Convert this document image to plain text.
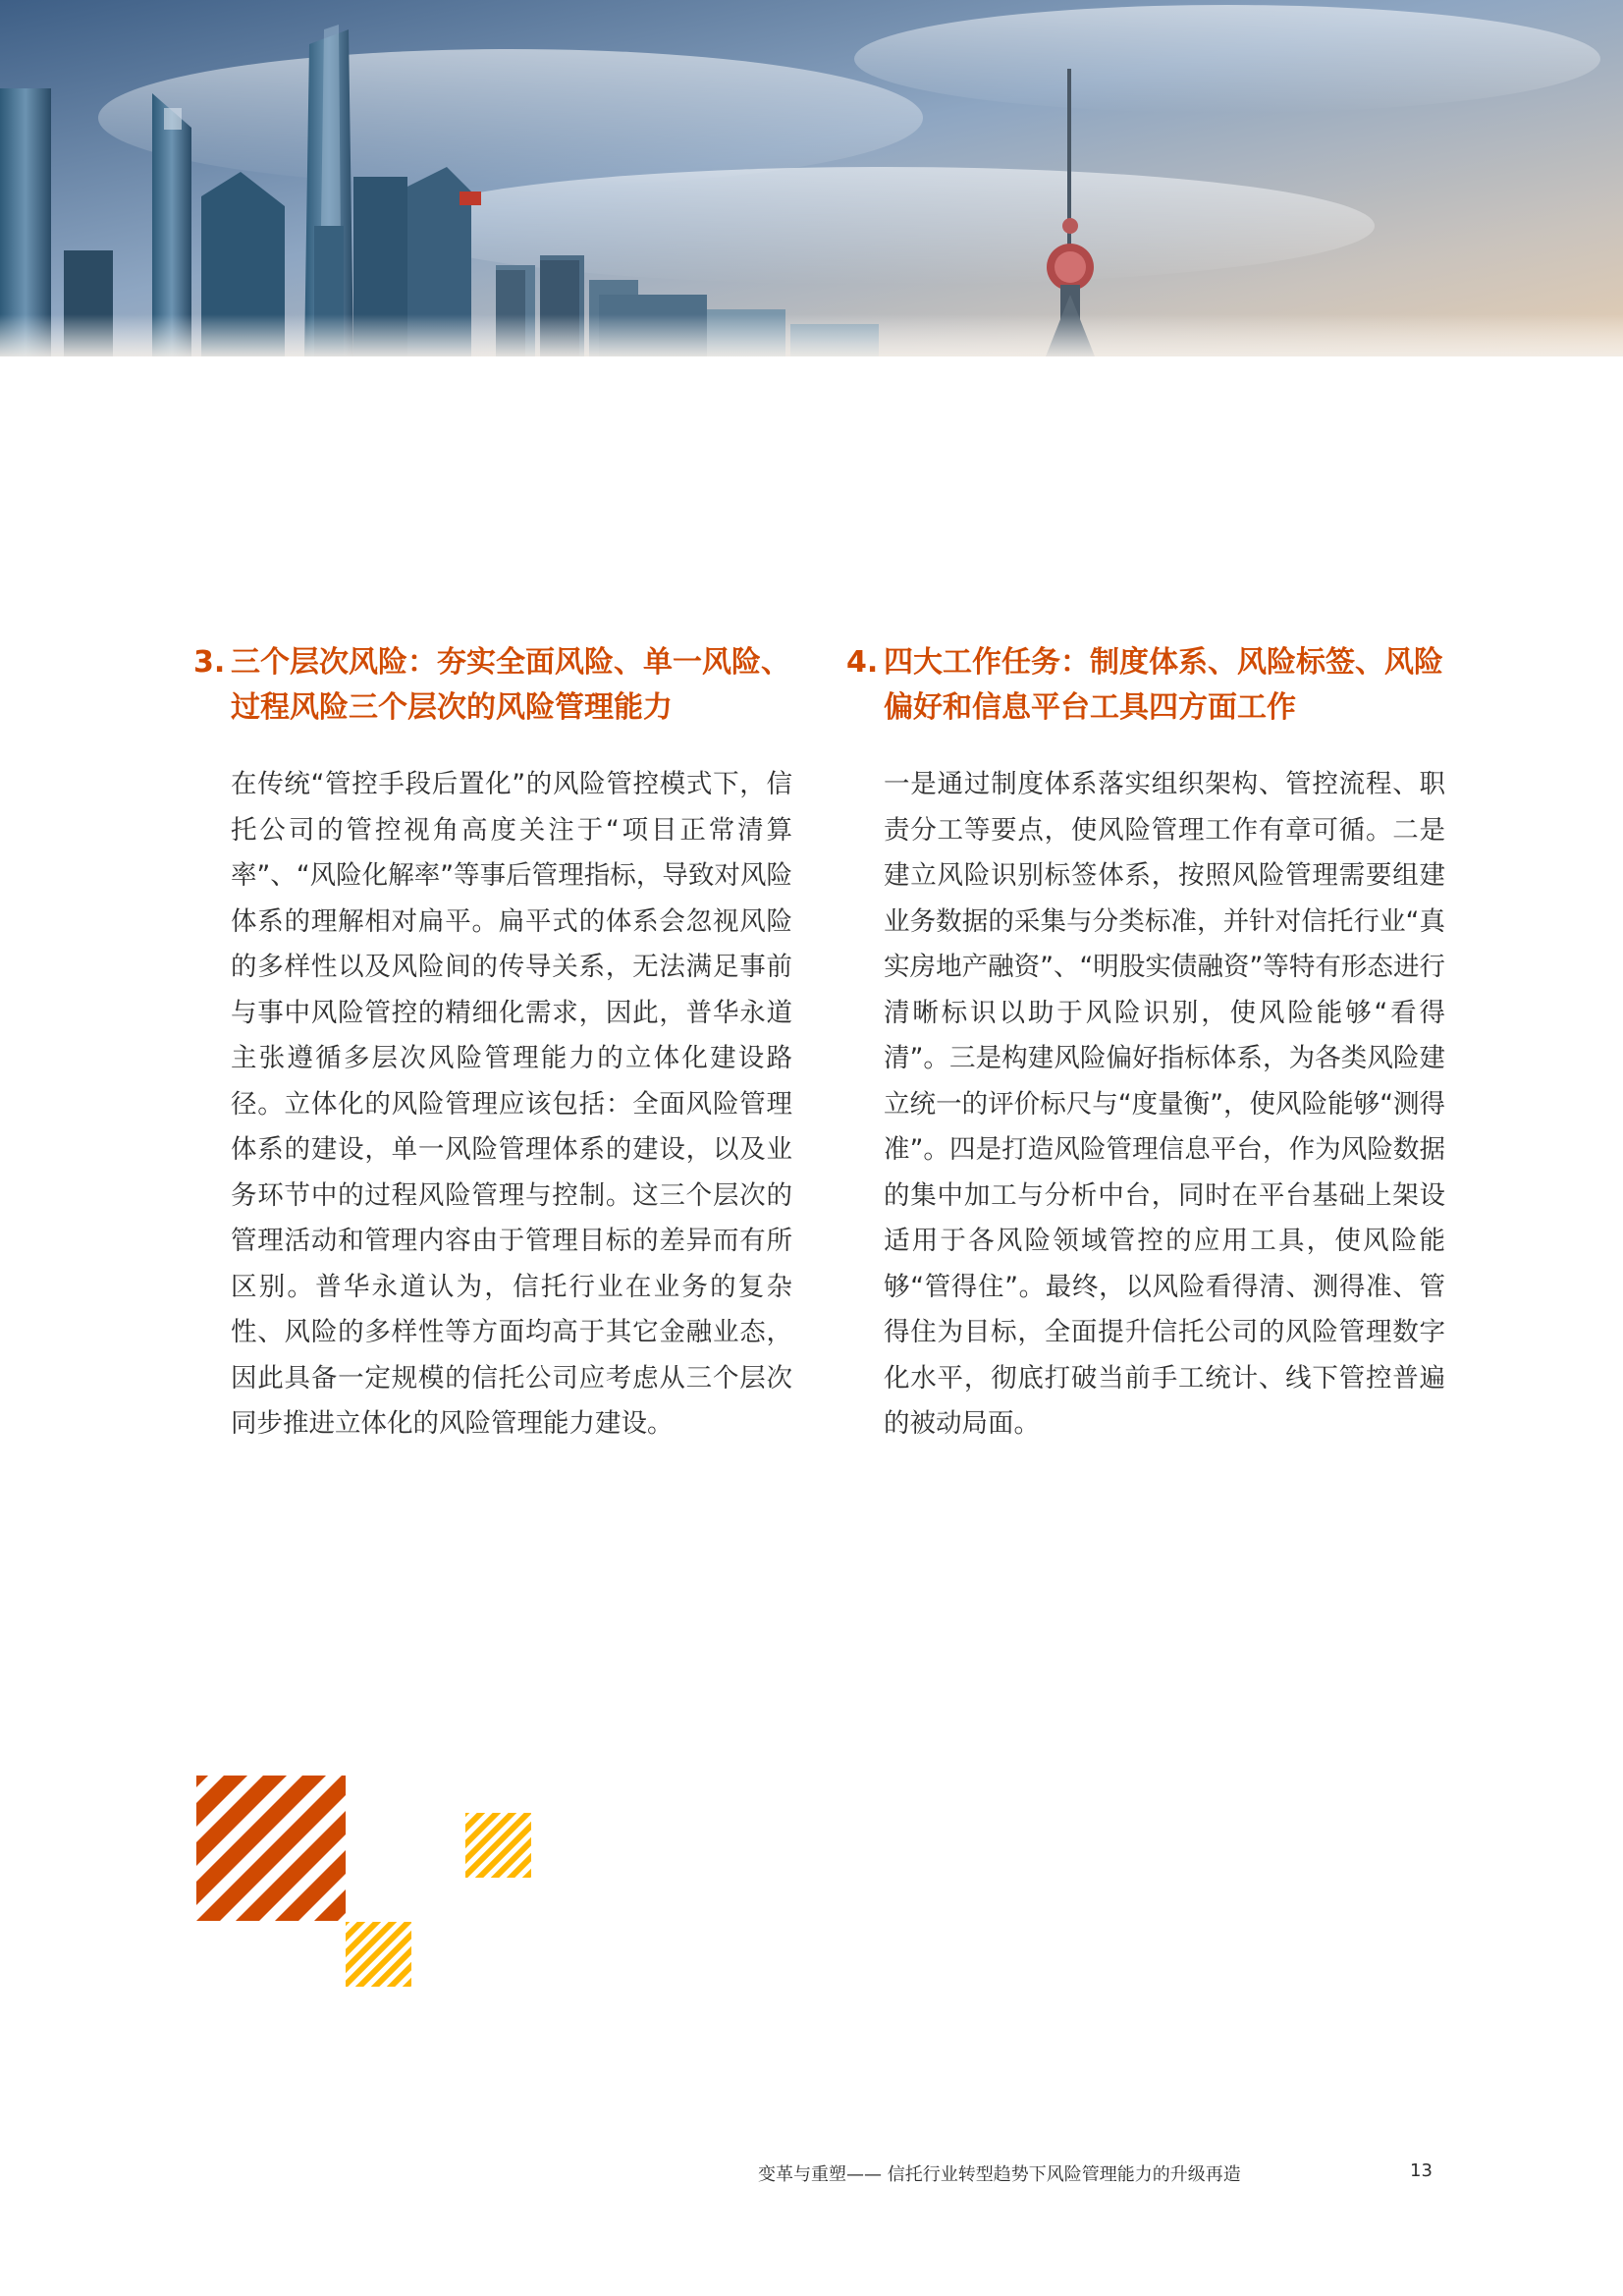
3. 三个层次风险：夯实全面风险、单一风险、过程风险三个层次的风险管理能力
在传统“管控手段后置化”的风险管控模式下，信托公司的管控视角高度关注于“项目正常清算率”、“风险化解率”等事后管理指标，导致对风险体系的理解相对扁平。扁平式的体系会忽视风险的多样性以及风险间的传导关系，无法满足事前与事中风险管控的精细化需求，因此，普华永道主张遵循多层次风险管理能力的立体化建设路径。立体化的风险管理应该包括：全面风险管理体系的建设，单一风险管理体系的建设，以及业务环节中的过程风险管理与控制。这三个层次的管理活动和管理内容由于管理目标的差异而有所区别。普华永道认为，信托行业在业务的复杂性、风险的多样性等方面均高于其它金融业态，因此具备一定规模的信托公司应考虑从三个层次同步推进立体化的风险管理能力建设。
4. 四大工作任务：制度体系、风险标签、风险偏好和信息平台工具四方面工作
一是通过制度体系落实组织架构、管控流程、职责分工等要点，使风险管理工作有章可循。二是建立风险识别标签体系，按照风险管理需要组建业务数据的采集与分类标准，并针对信托行业“真实房地产融资”、“明股实债融资”等特有形态进行清晰标识以助于风险识别，使风险能够“看得清”。三是构建风险偏好指标体系，为各类风险建立统一的评价标尺与“度量衡”，使风险能够“测得准”。四是打造风险管理信息平台，作为风险数据的集中加工与分析中台，同时在平台基础上架设适用于各风险领域管控的应用工具，使风险能够“管得住”。最终，以风险看得清、测得准、管得住为目标，全面提升信托公司的风险管理数字化水平，彻底打破当前手工统计、线下管控普遍的被动局面。
变革与重塑—— 信托行业转型趋势下风险管理能力的升级再造	13
